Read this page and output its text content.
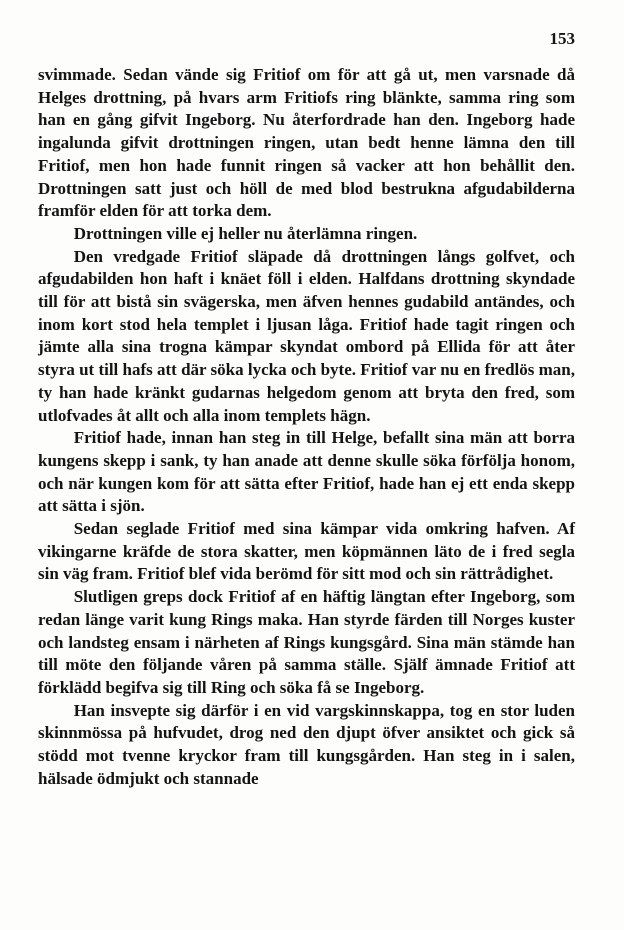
153

svimmade. Sedan vände sig Fritiof om för att gå ut, men varsnade då Helges drottning, på hvars arm Fritiofs ring blänkte, samma ring som han en gång gifvit Ingeborg. Nu återfordrade han den. Ingeborg hade ingalunda gifvit drottningen ringen, utan bedt henne lämna den till Fritiof, men hon hade funnit ringen så vacker att hon behållit den. Drottningen satt just och höll de med blod bestrukna afgudabilderna framför elden för att torka dem.

Drottningen ville ej heller nu återlämna ringen.

Den vredgade Fritiof släpade då drottningen långs golfvet, och afgudabilden hon haft i knäet föll i elden. Halfdans drottning skyndade till för att bistå sin svägerska, men äfven hennes gudabild antändes, och inom kort stod hela templet i ljusan låga. Fritiof hade tagit ringen och jämte alla sina trogna kämpar skyndat ombord på Ellida för att åter styra ut till hafs att där söka lycka och byte. Fritiof var nu en fredlös man, ty han hade kränkt gudarnas helgedom genom att bryta den fred, som utlofvades åt allt och alla inom templets hägn.

Fritiof hade, innan han steg in till Helge, befallt sina män att borra kungens skepp i sank, ty han anade att denne skulle söka förfölja honom, och när kungen kom för att sätta efter Fritiof, hade han ej ett enda skepp att sätta i sjön.

Sedan seglade Fritiof med sina kämpar vida omkring hafven. Af vikingarne kräfde de stora skatter, men köpmännen läto de i fred segla sin väg fram. Fritiof blef vida berömd för sitt mod och sin rättrådighet.

Slutligen greps dock Fritiof af en häftig längtan efter Ingeborg, som redan länge varit kung Rings maka. Han styrde färden till Norges kuster och landsteg ensam i närheten af Rings kungsgård. Sina män stämde han till möte den följande våren på samma ställe. Själf ämnade Fritiof att förklädd begifva sig till Ring och söka få se Ingeborg.

Han insvepte sig därför i en vid vargskinnskappa, tog en stor luden skinnmössa på hufvudet, drog ned den djupt öfver ansiktet och gick så stödd mot tvenne kryckor fram till kungsgården. Han steg in i salen, hälsade ödmjukt och stannade
